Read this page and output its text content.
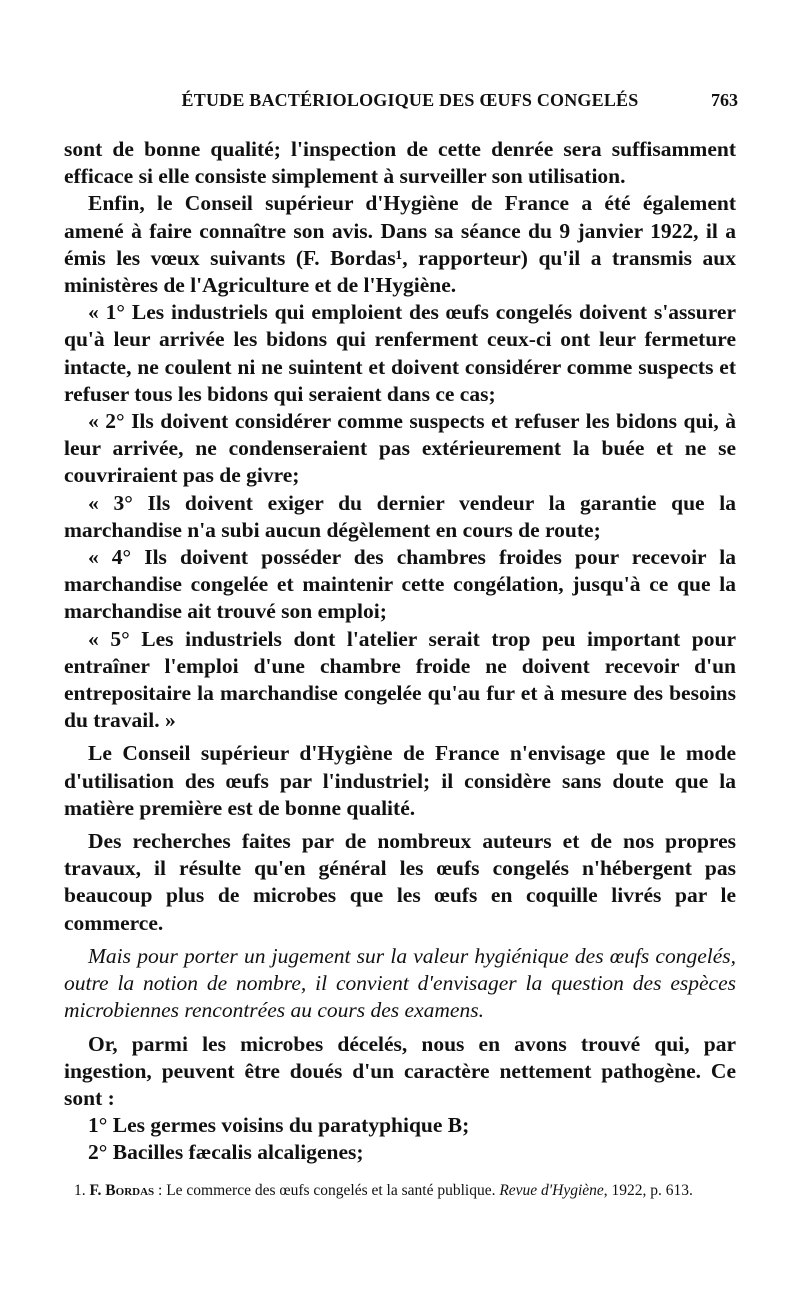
ÉTUDE BACTÉRIOLOGIQUE DES ŒUFS CONGELÉS	763

sont de bonne qualité; l'inspection de cette denrée sera suffisamment efficace si elle consiste simplement à surveiller son utilisation.

Enfin, le Conseil supérieur d'Hygiène de France a été également amené à faire connaître son avis. Dans sa séance du 9 janvier 1922, il a émis les vœux suivants (F. Bordas¹, rapporteur) qu'il a transmis aux ministères de l'Agriculture et de l'Hygiène.

« 1° Les industriels qui emploient des œufs congelés doivent s'assurer qu'à leur arrivée les bidons qui renferment ceux-ci ont leur fermeture intacte, ne coulent ni ne suintent et doivent considérer comme suspects et refuser tous les bidons qui seraient dans ce cas;

« 2° Ils doivent considérer comme suspects et refuser les bidons qui, à leur arrivée, ne condenseraient pas extérieurement la buée et ne se couvriraient pas de givre;

« 3° Ils doivent exiger du dernier vendeur la garantie que la marchandise n'a subi aucun dégèlement en cours de route;

« 4° Ils doivent posséder des chambres froides pour recevoir la marchandise congelée et maintenir cette congélation, jusqu'à ce que la marchandise ait trouvé son emploi;

« 5° Les industriels dont l'atelier serait trop peu important pour entraîner l'emploi d'une chambre froide ne doivent recevoir d'un entrepositaire la marchandise congelée qu'au fur et à mesure des besoins du travail. »

Le Conseil supérieur d'Hygiène de France n'envisage que le mode d'utilisation des œufs par l'industriel; il considère sans doute que la matière première est de bonne qualité.

Des recherches faites par de nombreux auteurs et de nos propres travaux, il résulte qu'en général les œufs congelés n'hébergent pas beaucoup plus de microbes que les œufs en coquille livrés par le commerce.

Mais pour porter un jugement sur la valeur hygiénique des œufs congelés, outre la notion de nombre, il convient d'envisager la question des espèces microbiennes rencontrées au cours des examens.

Or, parmi les microbes décelés, nous en avons trouvé qui, par ingestion, peuvent être doués d'un caractère nettement pathogène. Ce sont :

1° Les germes voisins du paratyphique B;

2° Bacilles fæcalis alcaligenes;

1. F. Bordas : Le commerce des œufs congelés et la santé publique. Revue d'Hygiène, 1922, p. 613.
